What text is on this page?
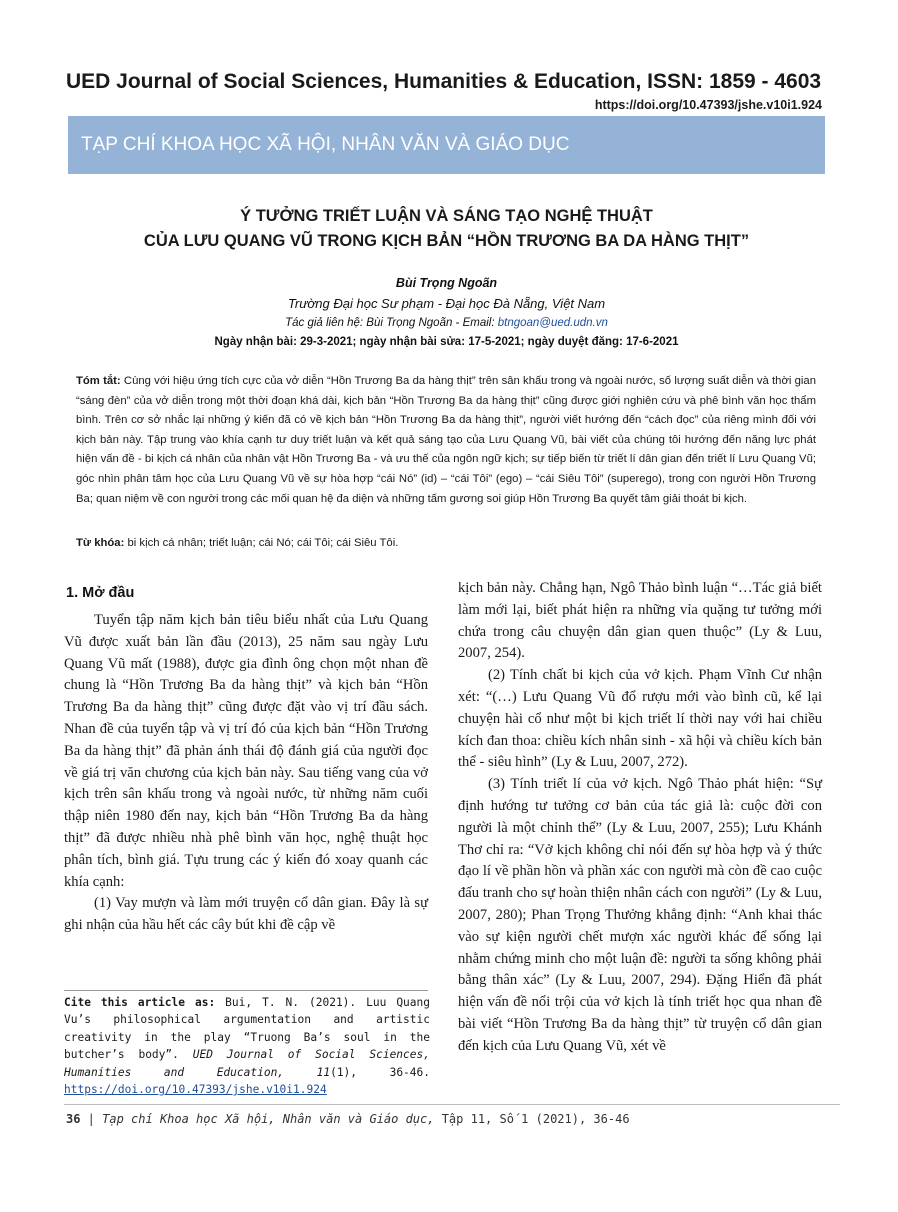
UED Journal of Social Sciences, Humanities & Education, ISSN: 1859 - 4603
https://doi.org/10.47393/jshe.v10i1.924
TẠP CHÍ KHOA HỌC XÃ HỘI, NHÂN VĂN VÀ GIÁO DỤC
Ý TƯỞNG TRIẾT LUẬN VÀ SÁNG TẠO NGHỆ THUẬT
CỦA LƯU QUANG VŨ TRONG KỊCH BẢN “HỒN TRƯƠNG BA DA HÀNG THỊT”
Bùi Trọng Ngoãn
Trường Đại học Sư phạm - Đại học Đà Nẵng, Việt Nam
Tác giả liên hệ: Bùi Trọng Ngoãn - Email: btngoan@ued.udn.vn
Ngày nhận bài: 29-3-2021; ngày nhận bài sửa: 17-5-2021; ngày duyệt đăng: 17-6-2021
Tóm tắt: Cùng với hiệu ứng tích cực của vở diễn “Hồn Trương Ba da hàng thịt” trên sân khấu trong và ngoài nước, số lượng suất diễn và thời gian “sáng đèn” của vở diễn trong một thời đoạn khá dài, kịch bản “Hồn Trương Ba da hàng thịt” cũng được giới nghiên cứu và phê bình văn học thẩm bình. Trên cơ sở nhắc lại những ý kiến đã có về kịch bản “Hồn Trương Ba da hàng thịt”, người viết hướng đến “cách đọc” của riêng mình đối với kịch bản này. Tập trung vào khía cạnh tư duy triết luận và kết quả sáng tạo của Lưu Quang Vũ, bài viết của chúng tôi hướng đến năng lực phát hiện vấn đề - bi kịch cá nhân của nhân vật Hồn Trương Ba - và ưu thế của ngôn ngữ kịch; sự tiếp biến từ triết lí dân gian đến triết lí Lưu Quang Vũ; góc nhìn phân tâm học của Lưu Quang Vũ về sự hòa hợp “cái Nó” (id) – “cái Tôi” (ego) – “cái Siêu Tôi” (superego), trong con người Hồn Trương Ba; quan niệm về con người trong các mối quan hệ đa diện và những tấm gương soi giúp Hồn Trương Ba quyết tâm giải thoát bi kịch.
Từ khóa: bi kịch cá nhân; triết luận; cái Nó; cái Tôi; cái Siêu Tôi.
1. Mở đầu

Tuyển tập năm kịch bản tiêu biểu nhất của Lưu Quang Vũ được xuất bản lần đầu (2013), 25 năm sau ngày Lưu Quang Vũ mất (1988), được gia đình ông chọn một nhan đề chung là “Hồn Trương Ba da hàng thịt” và kịch bản “Hồn Trương Ba da hàng thịt” cũng được đặt vào vị trí đầu sách. Nhan đề của tuyển tập và vị trí đó của kịch bản “Hồn Trương Ba da hàng thịt” đã phản ánh thái độ đánh giá của người đọc về giá trị văn chương của kịch bản này. Sau tiếng vang của vở kịch trên sân khấu trong và ngoài nước, từ những năm cuối thập niên 1980 đến nay, kịch bản “Hồn Trương Ba da hàng thịt” đã được nhiều nhà phê bình văn học, nghệ thuật học phân tích, bình giá. Tựu trung các ý kiến đó xoay quanh các khía cạnh:

(1) Vay mượn và làm mới truyện cổ dân gian. Đây là sự ghi nhận của hầu hết các cây bút khi đề cập về

kịch bản này. Chẳng hạn, Ngô Thảo bình luận “…Tác giả biết làm mới lại, biết phát hiện ra những vỉa quặng tư tưởng mới chứa trong câu chuyện dân gian quen thuộc” (Ly & Luu, 2007, 254).

(2) Tính chất bi kịch của vở kịch. Phạm Vĩnh Cư nhận xét: “(…) Lưu Quang Vũ đổ rượu mới vào bình cũ, kể lại chuyện hài cổ như một bi kịch triết lí thời nay với hai chiều kích đan thoa: chiều kích nhân sinh - xã hội và chiều kích bản thể - siêu hình” (Ly & Luu, 2007, 272).

(3) Tính triết lí của vở kịch. Ngô Thảo phát hiện: “Sự định hướng tư tưởng cơ bản của tác giả là: cuộc đời con người là một chỉnh thể” (Ly & Luu, 2007, 255); Lưu Khánh Thơ chỉ ra: “Vở kịch không chỉ nói đến sự hòa hợp và ý thức đạo lí về phần hồn và phần xác con người mà còn đề cao cuộc đấu tranh cho sự hoàn thiện nhân cách con người” (Ly & Luu, 2007, 280); Phan Trọng Thưởng khẳng định: “Anh khai thác vào sự kiện người chết mượn xác người khác để sống lại nhằm chứng minh cho một luận đề: người ta sống không phải bằng thân xác” (Ly & Luu, 2007, 294). Đặng Hiển đã phát hiện vấn đề nổi trội của vở kịch là tính triết học qua nhan đề bài viết “Hồn Trương Ba da hàng thịt” từ truyện cổ dân gian đến kịch của Lưu Quang Vũ, xét về

Cite this article as: Bui, T. N. (2021). Luu Quang Vu’s philosophical argumentation and artistic creativity in the play “Truong Ba’s soul in the butcher’s body”. UED Journal of Social Sciences, Humanities and Education, 11(1), 36-46. https://doi.org/10.47393/jshe.v10i1.924
36 | Tạp chí Khoa học Xã hội, Nhân văn và Giáo dục, Tập 11, Số 1 (2021), 36-46
